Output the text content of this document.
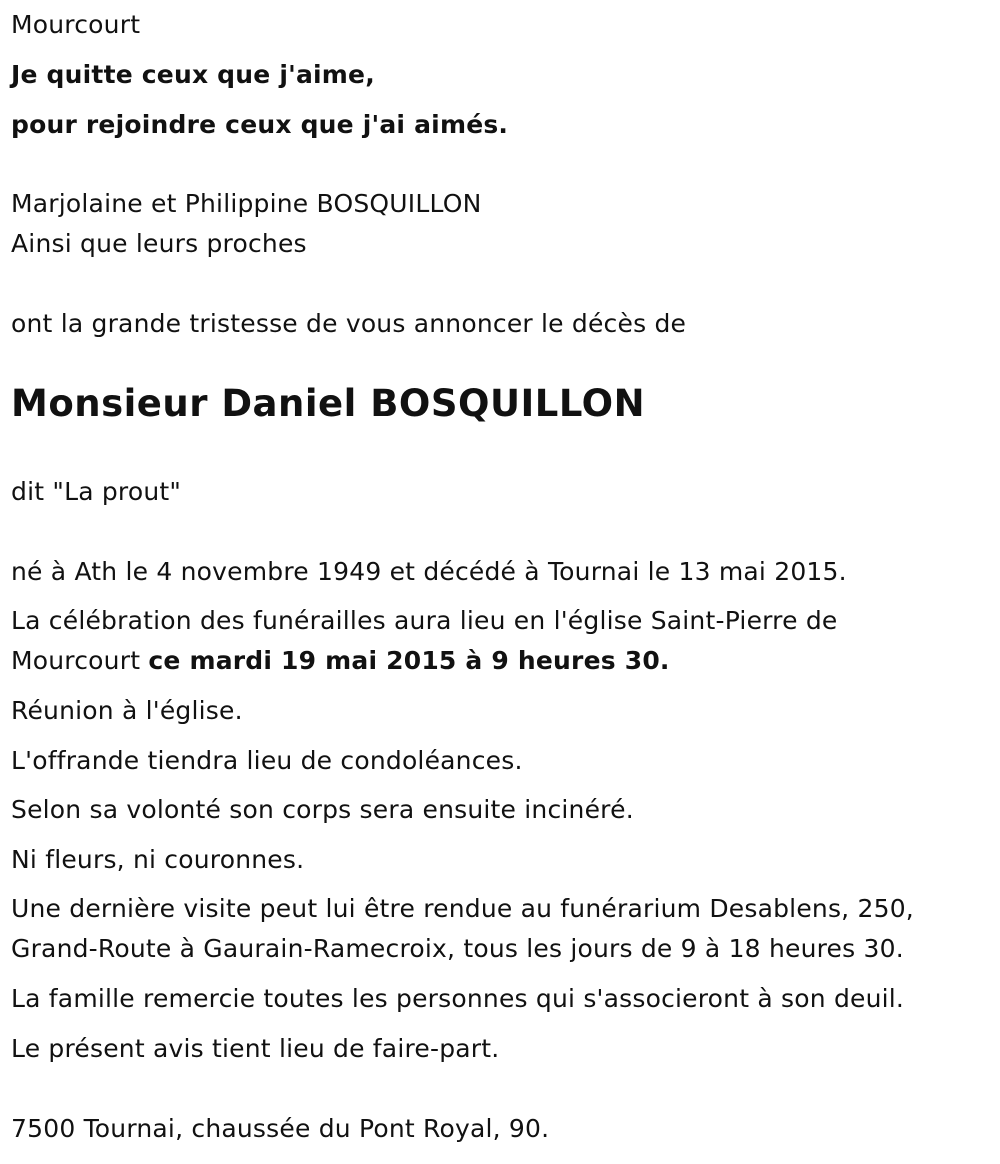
Mourcourt
Je quitte ceux que j'aime,
pour rejoindre ceux que j'ai aimés.
Marjolaine et Philippine BOSQUILLON
Ainsi que leurs proches
ont la grande tristesse de vous annoncer le décès de
Monsieur Daniel BOSQUILLON
dit "La prout"
né à Ath le 4 novembre 1949 et décédé à Tournai le 13 mai 2015.
La célébration des funérailles aura lieu en l'église Saint-Pierre de
Mourcourt ce mardi 19 mai 2015 à 9 heures 30.
Réunion à l'église.
L'offrande tiendra lieu de condoléances.
Selon sa volonté son corps sera ensuite incinéré.
Ni fleurs, ni couronnes.
Une dernière visite peut lui être rendue au funérarium Desablens, 250,
Grand-Route à Gaurain-Ramecroix, tous les jours de 9 à 18 heures 30.
La famille remercie toutes les personnes qui s'associeront à son deuil.
Le présent avis tient lieu de faire-part.
7500 Tournai, chaussée du Pont Royal, 90.
